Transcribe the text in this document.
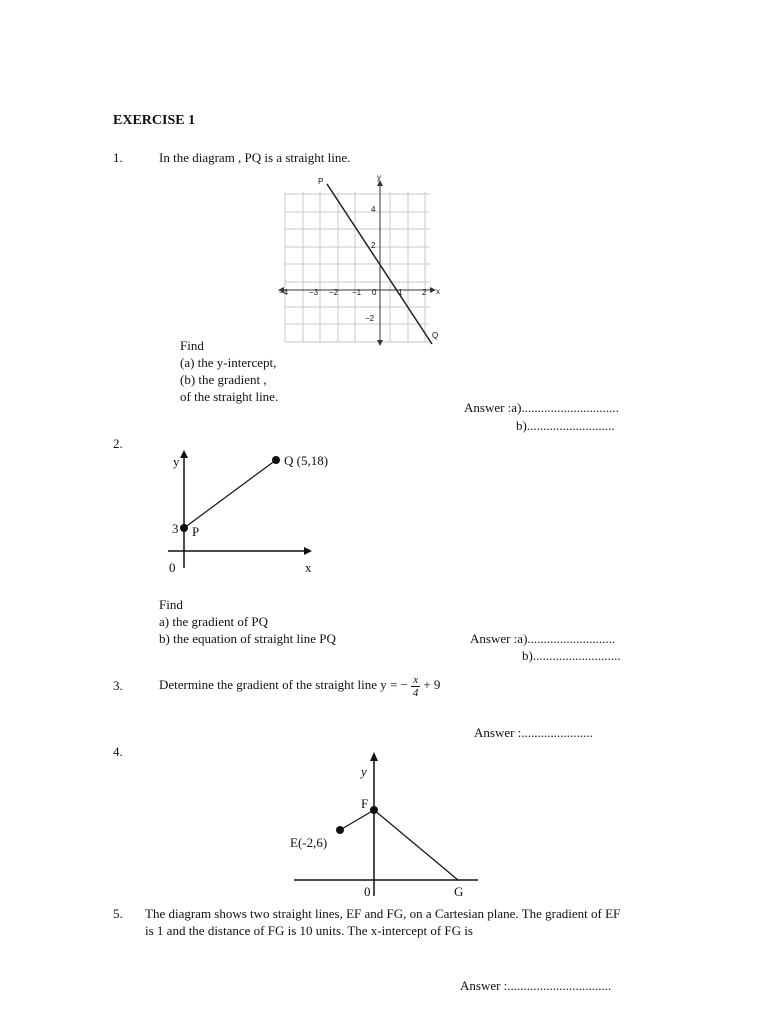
EXERCISE 1
1.	In the diagram , PQ is a straight line.
P
Q
y
x
−4	−3 −2 −1 0	1 2
4
2
−2
Find
(a) the y-intercept,
(b) the gradient ,
of the straight line.
Answer :a)..............................
b)...........................
2.
y
x
0
3 P
Q (5,18)
Find
a) the gradient of PQ
b) the equation of straight line PQ	Answer :a)...........................
b)...........................
3.	Determine the gradient of the straight line y = − $\frac{x}{4} + 9$
Answer :......................
4.
y
F
E(-2,6)
0	G
5. The diagram shows two straight lines, EF and FG, on a Cartesian plane. The gradient of EF
is 1 and the distance of FG is 10 units. The x-intercept of FG is
Answer :................................
